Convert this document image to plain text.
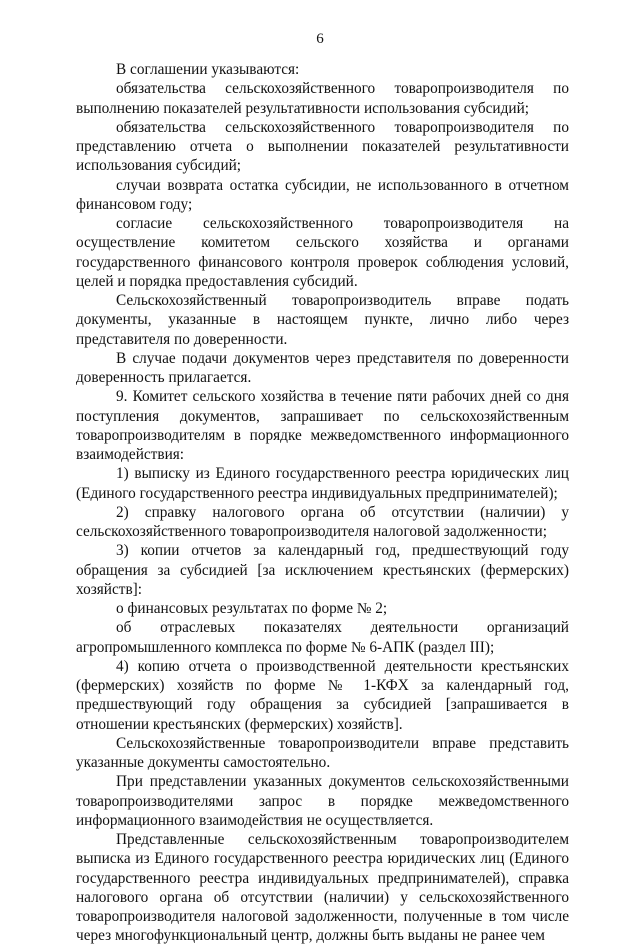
6

В соглашении указываются:

обязательства сельскохозяйственного товаропроизводителя по выполнению показателей результативности использования субсидий;

обязательства сельскохозяйственного товаропроизводителя по представлению отчета о выполнении показателей результативности использования субсидий;

случаи возврата остатка субсидии, не использованного в отчетном финансовом году;

согласие сельскохозяйственного товаропроизводителя на осуществление комитетом сельского хозяйства и органами государственного финансового контроля проверок соблюдения условий, целей и порядка предоставления субсидий.

Сельскохозяйственный товаропроизводитель вправе подать документы, указанные в настоящем пункте, лично либо через представителя по доверенности.

В случае подачи документов через представителя по доверенности доверенность прилагается.

9. Комитет сельского хозяйства в течение пяти рабочих дней со дня поступления документов, запрашивает по сельскохозяйственным товаропроизводителям в порядке межведомственного информационного взаимодействия:

1) выписку из Единого государственного реестра юридических лиц (Единого государственного реестра индивидуальных предпринимателей);

2) справку налогового органа об отсутствии (наличии) у сельскохозяйственного товаропроизводителя налоговой задолженности;

3) копии отчетов за календарный год, предшествующий году обращения за субсидией [за исключением крестьянских (фермерских) хозяйств]:

о финансовых результатах по форме № 2;

об отраслевых показателях деятельности организаций агропромышленного комплекса по форме № 6-АПК (раздел III);

4) копию отчета о производственной деятельности крестьянских (фермерских) хозяйств по форме № 1-КФХ за календарный год, предшествующий году обращения за субсидией [запрашивается в отношении крестьянских (фермерских) хозяйств].

Сельскохозяйственные товаропроизводители вправе представить указанные документы самостоятельно.

При представлении указанных документов сельскохозяйственными товаропроизводителями запрос в порядке межведомственного информационного взаимодействия не осуществляется.

Представленные сельскохозяйственным товаропроизводителем выписка из Единого государственного реестра юридических лиц (Единого государственного реестра индивидуальных предпринимателей), справка налогового органа об отсутствии (наличии) у сельскохозяйственного товаропроизводителя налоговой задолженности, полученные в том числе через многофункциональный центр, должны быть выданы не ранее чем
